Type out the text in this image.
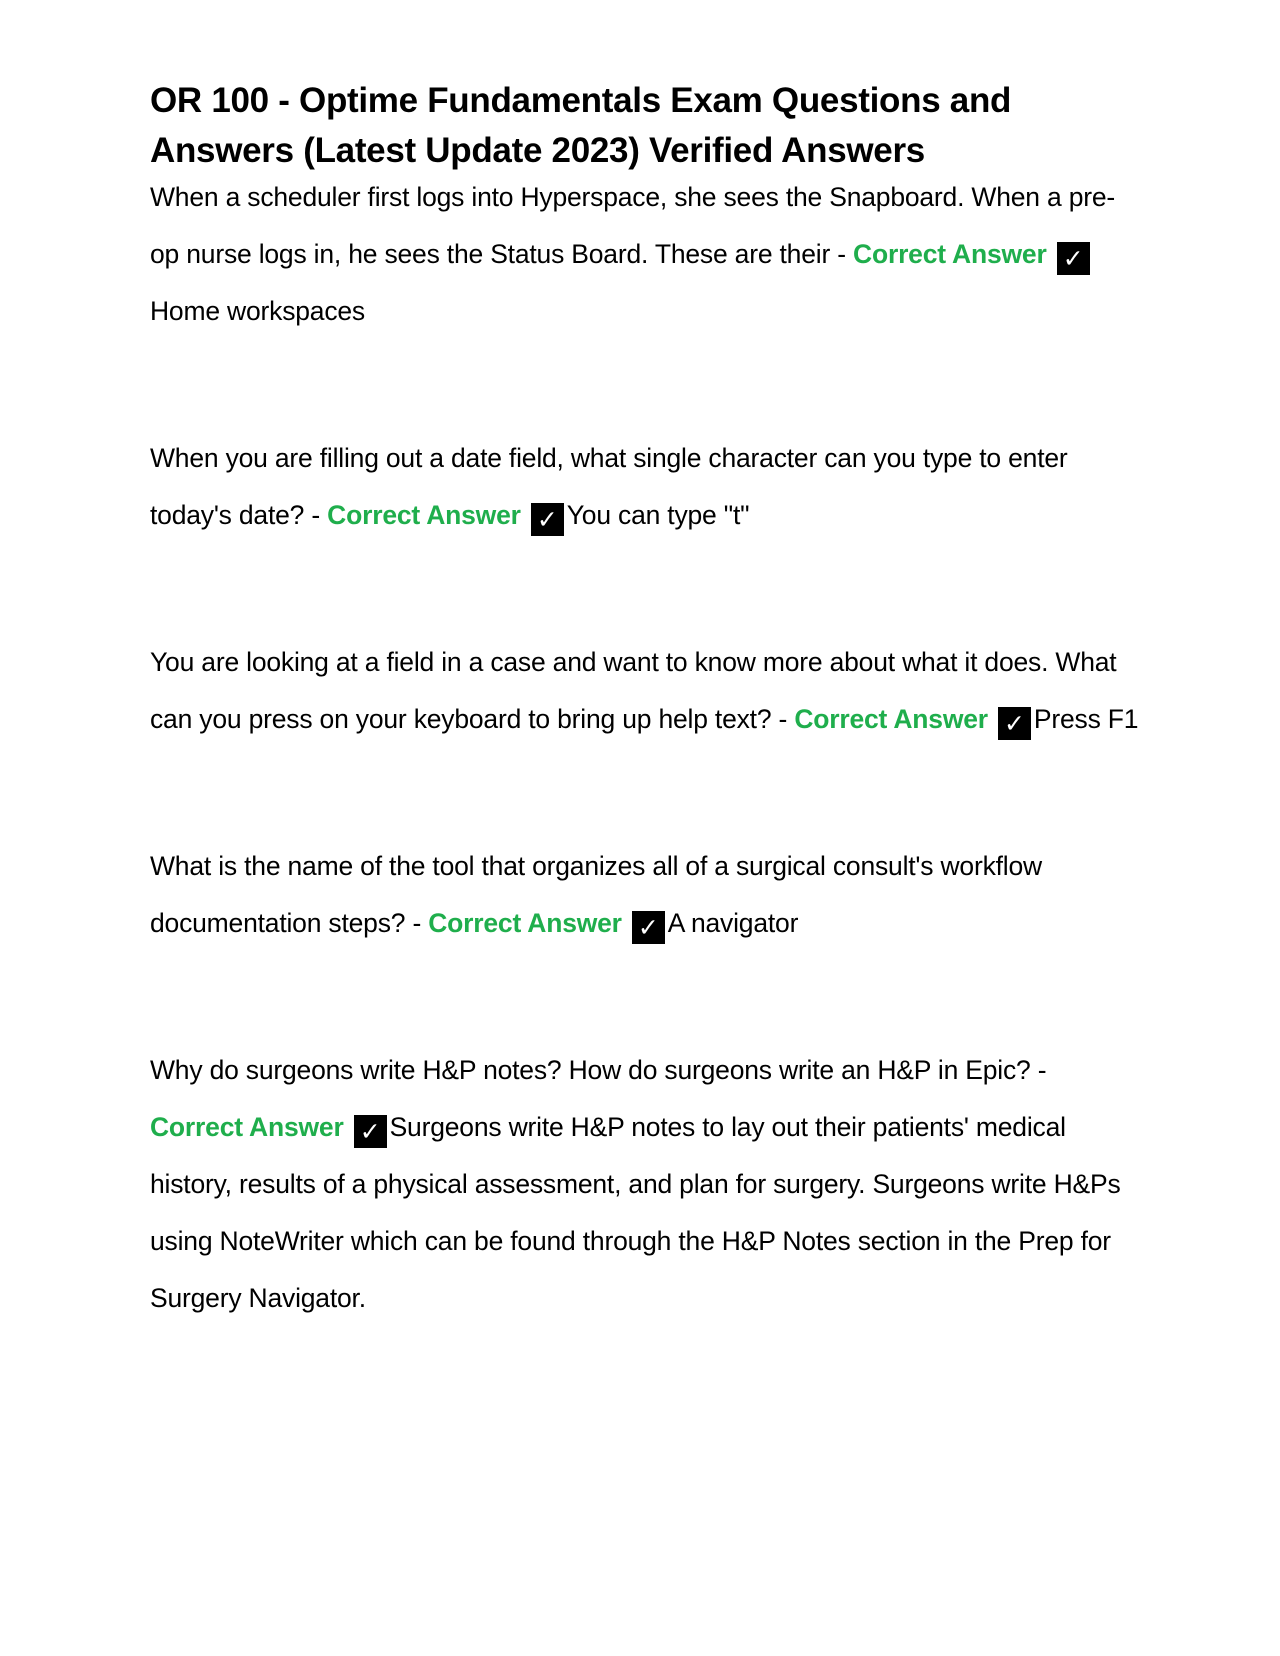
OR 100 - Optime Fundamentals Exam Questions and Answers (Latest Update 2023) Verified Answers

When a scheduler first logs into Hyperspace, she sees the Snapboard. When a pre-op nurse logs in, he sees the Status Board. These are their - Correct Answer ✓Home workspaces

When you are filling out a date field, what single character can you type to enter today's date? - Correct Answer ✓ You can type "t"

You are looking at a field in a case and want to know more about what it does. What can you press on your keyboard to bring up help text? - Correct Answer ✓ Press F1

What is the name of the tool that organizes all of a surgical consult's workflow documentation steps? - Correct Answer ✓ A navigator

Why do surgeons write H&P notes? How do surgeons write an H&P in Epic? - Correct Answer ✓ Surgeons write H&P notes to lay out their patients' medical history, results of a physical assessment, and plan for surgery. Surgeons write H&Ps using NoteWriter which can be found through the H&P Notes section in the Prep for Surgery Navigator.
